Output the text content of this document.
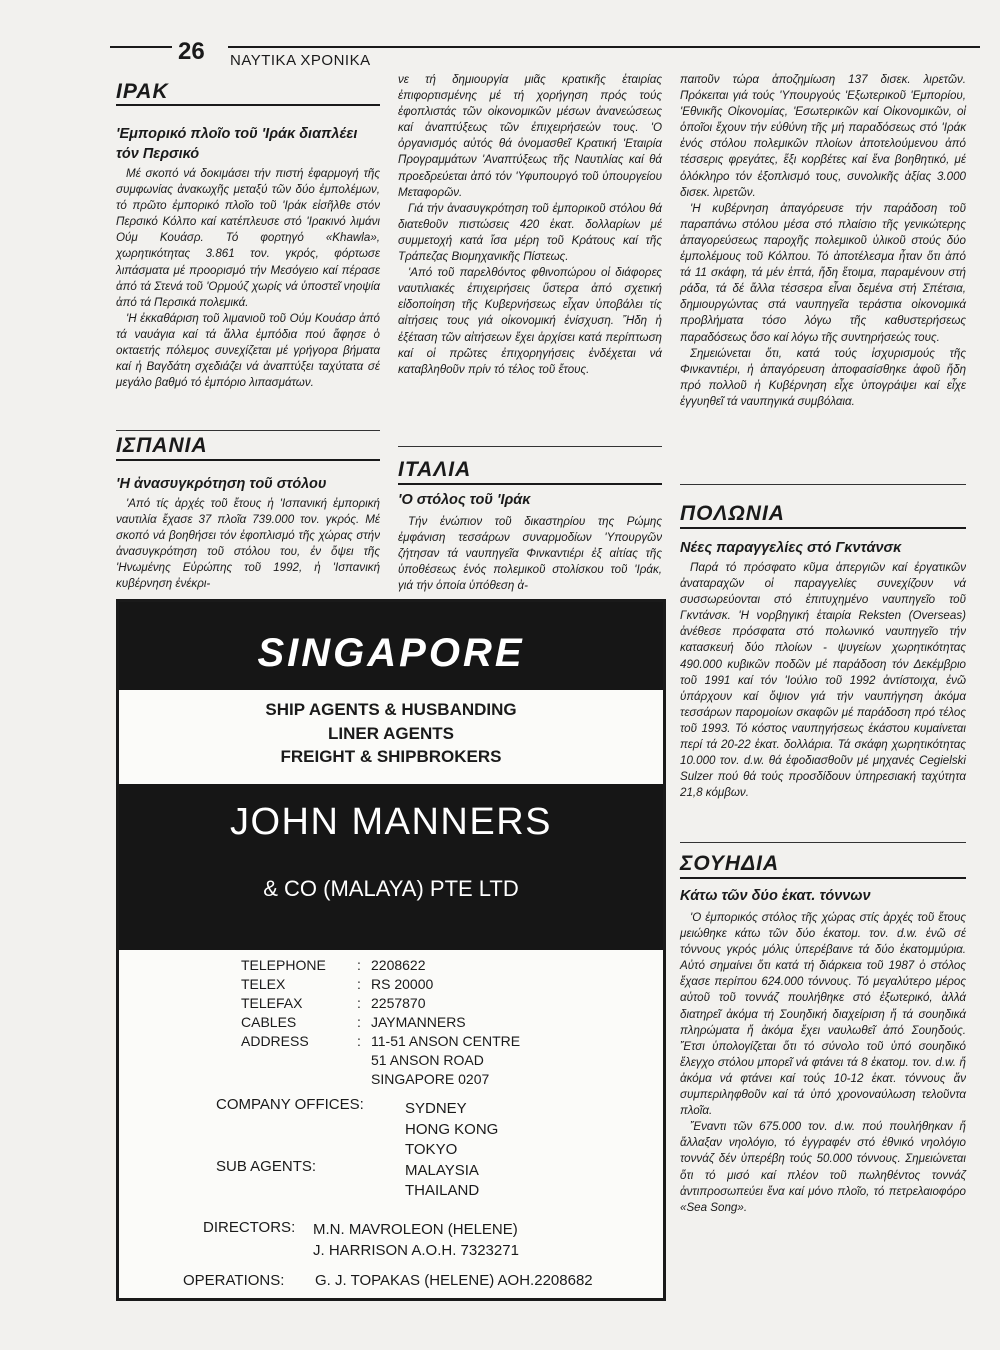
26 ΝΑΥΤΙΚΑ ΧΡΟΝΙΚΑ
ΙΡΑΚ
'Εμπορικό πλοῖο τοῦ 'Ιράκ διαπλέει τόν Περσικό

Μέ σκοπό νά δοκιμάσει τήν πιστή ἐφαρμογή τῆς συμφωνίας ἀνακωχῆς μεταξύ τῶν δύο ἐμπολέμων, τό πρῶτο ἐμπορικό πλοῖο τοῦ 'Ιράκ εἰσῆλθε στόν Περσικό Κόλπο καί κατέπλευσε στό 'Ιρακινό λιμάνι Ούμ Κουάσρ. Τό φορτηγό «Khawla», χωρητικότητας 3.861 τον. γκρός, φόρτωσε λιπάσματα μέ προορισμό τήν Μεσόγειο καί πέρασε ἀπό τά Στενά τοῦ 'Ορμούζ χωρίς νά ὑποστεῖ νηοψία ἀπό τά Περσικά πολεμικά.

'Η ἐκκαθάριση τοῦ λιμανιοῦ τοῦ Ούμ Κουάσρ ἀπό τά ναυάγια καί τά ἄλλα ἐμπόδια πού ἄφησε ὁ οκταετής πόλεμος συνεχίζεται μέ γρήγορα βήματα καί ἡ Βαγδάτη σχεδιάζει νά ἀναπτύξει ταχύτατα σέ μεγάλο βαθμό τό ἐμπόριο λιπασμάτων.

ΙΣΠΑΝΙΑ
'Η ἀνασυγκρότηση τοῦ στόλου

'Από τίς ἀρχές τοῦ ἔτους ἡ 'Ισπανική ἐμπορική ναυτιλία ἔχασε 37 πλοῖα 739.000 τον. γκρός. Μέ σκοπό νά βοηθήσει τόν ἐφοπλισμό τῆς χώρας στήν ἀνασυγκρότηση τοῦ στόλου του, ἐν ὄψει τῆς 'Ηνωμένης Εὐρώπης τοῦ 1992, ἡ 'Ισπανική κυβέρνηση ἐνέκρι-

νε τή δημιουργία μιᾶς κρατικῆς ἑταιρίας ἐπιφορτισμένης μέ τή χορήγηση πρός τούς ἐφοπλιστάς τῶν οἰκονομικῶν μέσων ἀνανεώσεως καί ἀναπτύξεως τῶν ἐπιχειρήσεών τους. 'Ο ὀργανισμός αὐτός θά ὀνομασθεῖ Κρατική 'Εταιρία Προγραμμάτων 'Αναπτύξεως τῆς Ναυτιλίας καί θά προεδρεύεται ἀπό τόν 'Υφυπουργό τοῦ ὑπουργείου Μεταφορῶν.

Γιά τήν ἀνασυγκρότηση τοῦ ἐμπορικοῦ στόλου θά διατεθοῦν πιστώσεις 420 ἑκατ. δολλαρίων μέ συμμετοχή κατά ἴσα μέρη τοῦ Κράτους καί τῆς Τράπεζας Βιομηχανικῆς Πίστεως.

'Από τοῦ παρελθόντος φθινοπώρου οἱ διάφορες ναυτιλιακές ἐπιχειρήσεις ὕστερα ἀπό σχετική εἰδοποίηση τῆς Κυβερνήσεως εἶχαν ὑποβάλει τίς αἰτήσεις τους γιά οἰκονομική ἐνίσχυση. Ἤδη ἡ ἐξέταση τῶν αἰτήσεων ἔχει ἀρχίσει κατά περίπτωση καί οἱ πρῶτες ἐπιχορηγήσεις ἐνδέχεται νά καταβληθοῦν πρίν τό τέλος τοῦ ἔτους.

ΙΤΑΛΙΑ
'Ο στόλος τοῦ 'Ιράκ

Τήν ἐνώπιον τοῦ δικαστηρίου της Ρώμης ἐμφάνιση τεσσάρων συναρμοδίων 'Υπουργῶν ζήτησαν τά ναυπηγεῖα Φινκαντιέρι ἐξ αἰτίας τῆς ὑποθέσεως ἑνός πολεμικοῦ στολίσκου τοῦ 'Ιράκ, γιά τήν ὁποία ὑπόθεση ἀ-

παιτοῦν τώρα ἀποζημίωση 137 δισεκ. λιρετῶν. Πρόκειται γιά τούς 'Υπουργούς 'Εξωτερικοῦ 'Εμπορίου, 'Εθνικῆς Οἰκονομίας, 'Εσωτερικῶν καί Οἰκονομικῶν, οἱ ὁποῖοι ἔχουν τήν εὐθύνη τῆς μή παραδόσεως στό 'Ιράκ ἑνός στόλου πολεμικῶν πλοίων ἀποτελούμενου ἀπό τέσσερις φρεγάτες, ἕξι κορβέτες καί ἕνα βοηθητικό, μέ ὁλόκληρο τόν ἐξοπλισμό τους, συνολικῆς ἀξίας 3.000 δισεκ. λιρετῶν.

'Η κυβέρνηση ἀπαγόρευσε τήν παράδοση τοῦ παραπάνω στόλου μέσα στό πλαίσιο τῆς γενικώτερης ἀπαγορεύσεως παροχῆς πολεμικοῦ ὑλικοῦ στούς δύο ἐμπολέμους τοῦ Κόλπου. Τό ἀποτέλεσμα ἦταν ὅτι ἀπό τά 11 σκάφη, τά μέν ἑπτά, ἤδη ἕτοιμα, παραμένουν στή ράδα, τά δέ ἄλλα τέσσερα εἶναι δεμένα στή Σπέτσια, δημιουργώντας στά ναυπηγεῖα τεράστια οἰκονομικά προβλήματα τόσο λόγω τῆς καθυστερήσεως παραδόσεως ὅσο καί λόγω τῆς συντηρήσεώς τους.

Σημειώνεται ὅτι, κατά τούς ἰσχυρισμούς τῆς Φινκαντιέρι, ἡ ἀπαγόρευση ἀποφασίσθηκε ἀφοῦ ἤδη πρό πολλοῦ ἡ Κυβέρνηση εἶχε ὑπογράψει καί εἶχε ἐγγυηθεῖ τά ναυπηγικά συμβόλαια.

ΠΟΛΩΝΙΑ
Νέες παραγγελίες στό Γκντάνσκ

Παρά τό πρόσφατο κῦμα ἀπεργιῶν καί ἐργατικῶν ἀναταραχῶν οἱ παραγγελίες συνεχίζουν νά συσσωρεύονται στό ἐπιτυχημένο ναυπηγεῖο τοῦ Γκντάνσκ. 'Η νορβηγική ἑταιρία Reksten (Overseas) ἀνέθεσε πρόσφατα στό πολωνικό ναυπηγεῖο τήν κατασκευή δύο πλοίων - ψυγείων χωρητικότητας 490.000 κυβικῶν ποδῶν μέ παράδοση τόν Δεκέμβριο τοῦ 1991 καί τόν 'Ιούλιο τοῦ 1992 ἀντίστοιχα, ἐνῶ ὑπάρχουν καί ὄψιον γιά τήν ναυπήγηση ἀκόμα τεσσάρων παρομοίων σκαφῶν μέ παράδοση πρό τέλος τοῦ 1993. Τό κόστος ναυπηγήσεως ἑκάστου κυμαίνεται περί τά 20-22 ἑκατ. δολλάρια. Τά σκάφη χωρητικότητας 10.000 τον. d.w. θά ἐφοδιασθοῦν μέ μηχανές Cegielski Sulzer πού θά τούς προσδίδουν ὑπηρεσιακή ταχύτητα 21,8 κόμβων.

ΣΟΥΗΔΙΑ
Κάτω τῶν δύο ἑκατ. τόννων

'Ο ἐμπορικός στόλος τῆς χώρας στίς ἀρχές τοῦ ἔτους μειώθηκε κάτω τῶν δύο ἑκατομ. τον. d.w. ἐνῶ σέ τόννους γκρός μόλις ὑπερέβαινε τά δύο ἑκατομμύρια. Αὐτό σημαίνει ὅτι κατά τή διάρκεια τοῦ 1987 ὁ στόλος ἔχασε περίπου 624.000 τόννους. Τό μεγαλύτερο μέρος αὐτοῦ τοῦ τοννάζ πουλήθηκε στό ἐξωτερικό, ἀλλά διατηρεῖ ἀκόμα τή Σουηδική διαχείριση ἤ τά σουηδικά πληρώματα ἤ ἀκόμα ἔχει ναυλωθεῖ ἀπό Σουηδούς. Ἔτσι ὑπολογίζεται ὅτι τό σύνολο τοῦ ὑπό σουηδικό ἔλεγχο στόλου μπορεῖ νά φτάνει τά 8 ἑκατομ. τον. d.w. ἤ ἀκόμα νά φτάνει καί τούς 10-12 ἑκατ. τόννους ἄν συμπεριληφθοῦν καί τά ὑπό χρονοναύλωση τελοῦντα πλοῖα.

Ἔναντι τῶν 675.000 τον. d.w. πού πουλήθηκαν ἤ ἄλλαξαν νηολόγιο, τό ἐγγραφέν στό ἐθνικό νηολόγιο τοννάζ δέν ὑπερέβη τούς 50.000 τόννους. Σημειώνεται ὅτι τό μισό καί πλέον τοῦ πωληθέντος τοννάζ ἀντιπροσωπεύει ἕνα καί μόνο πλοῖο, τό πετρελαιοφόρο «Sea Song».

SINGAPORE
SHIP AGENTS & HUSBANDING
LINER AGENTS
FREIGHT & SHIPBROKERS
JOHN MANNERS
& CO (MALAYA) PTE LTD
TELEPHONE
TELEX
TELEFAX
CABLES
ADDRESS
:
:
:
:
:
2208622
RS 20000
2257870
JAYMANNERS
11-51 ANSON CENTRE
51 ANSON ROAD
SINGAPORE 0207
COMPANY OFFICES:	SYDNEY
HONG KONG
TOKYO
MALAYSIA
THAILAND
SUB AGENTS:
DIRECTORS: M.N. MAVROLEON (HELENE)
J. HARRISON A.O.H. 7323271
OPERATIONS: G. J. TOPAKAS (HELENE) AOH.2208682
